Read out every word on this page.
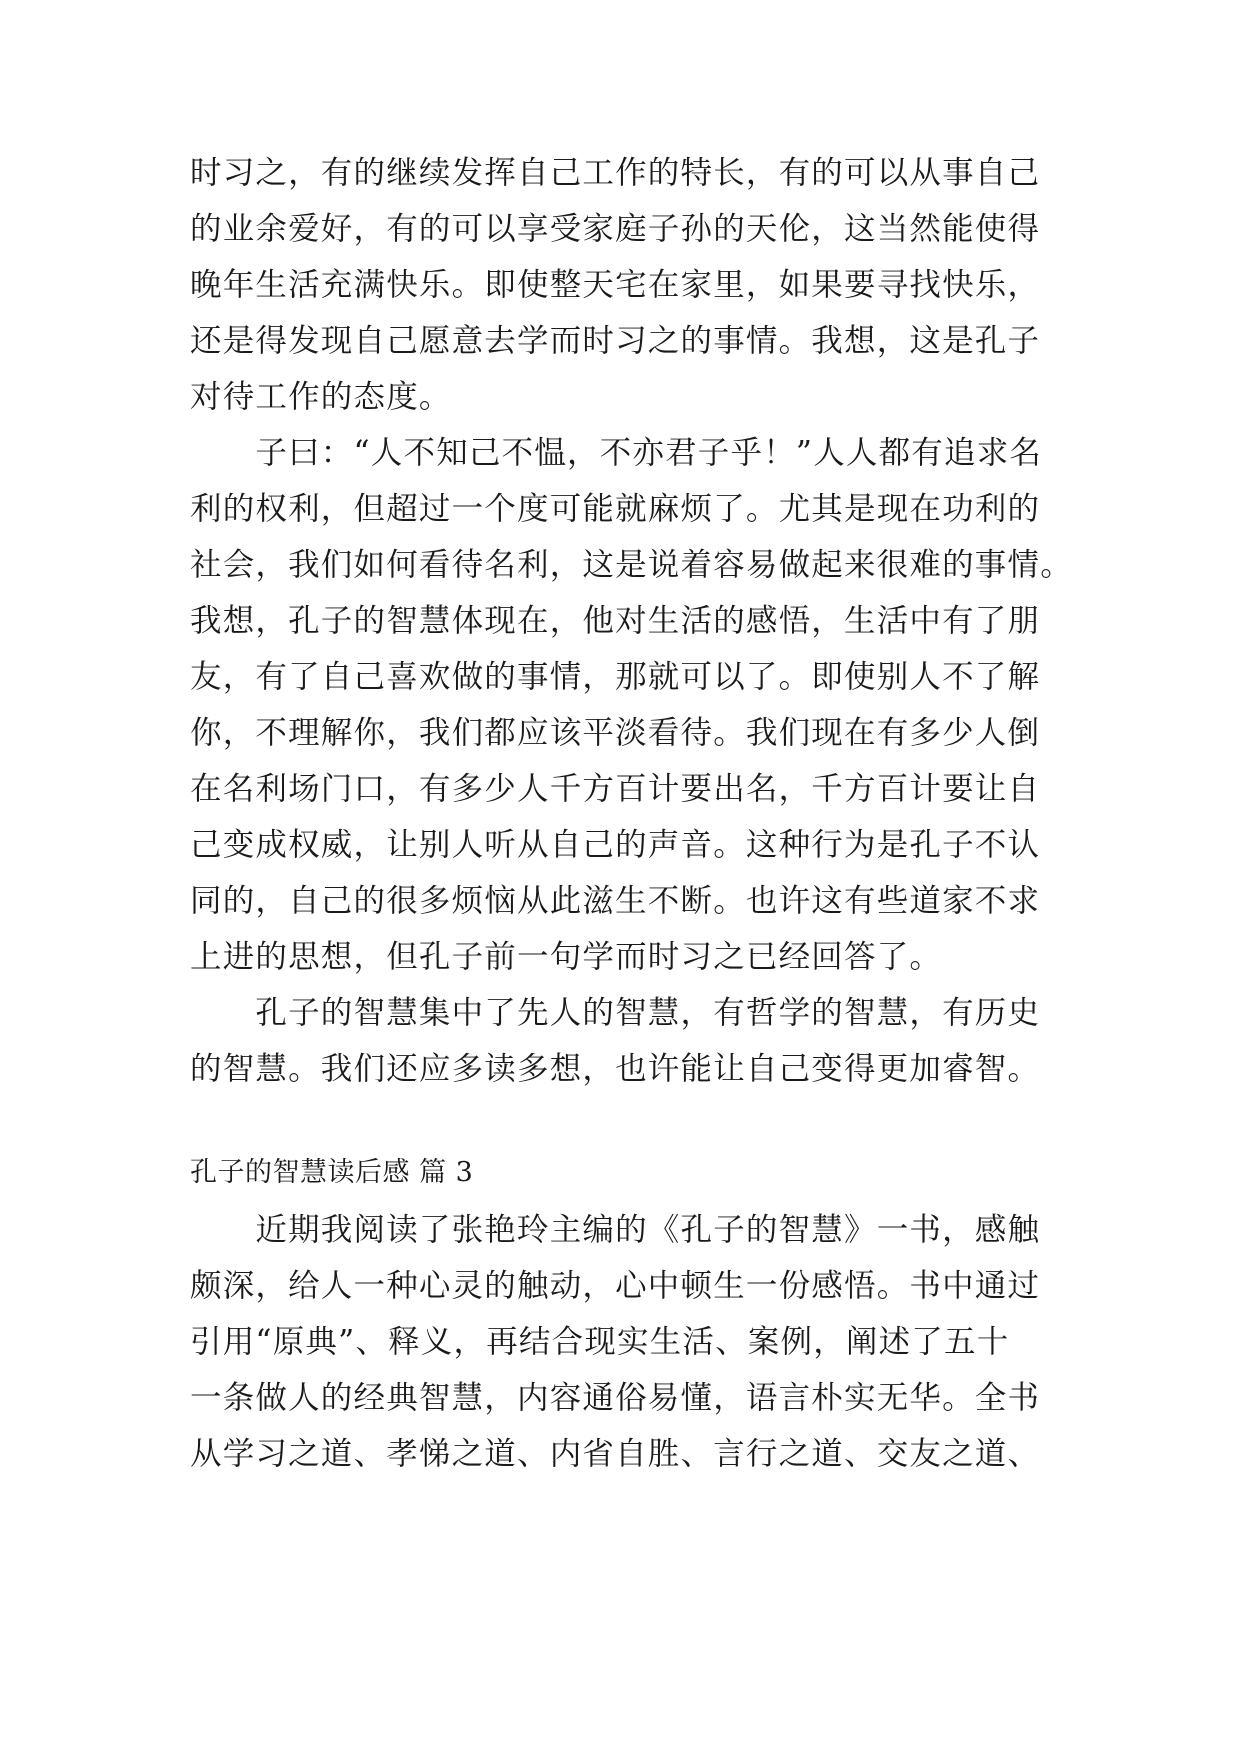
时习之，有的继续发挥自己工作的特长，有的可以从事自己
的业余爱好，有的可以享受家庭子孙的天伦，这当然能使得
晚年生活充满快乐。即使整天宅在家里，如果要寻找快乐，
还是得发现自己愿意去学而时习之的事情。我想，这是孔子
对待工作的态度。
　　子曰：“人不知己不愠，不亦君子乎！”人人都有追求名
利的权利，但超过一个度可能就麻烦了。尤其是现在功利的
社会，我们如何看待名利，这是说着容易做起来很难的事情。
我想，孔子的智慧体现在，他对生活的感悟，生活中有了朋
友，有了自己喜欢做的事情，那就可以了。即使别人不了解
你，不理解你，我们都应该平淡看待。我们现在有多少人倒
在名利场门口，有多少人千方百计要出名，千方百计要让自
己变成权威，让别人听从自己的声音。这种行为是孔子不认
同的，自己的很多烦恼从此滋生不断。也许这有些道家不求
上进的思想，但孔子前一句学而时习之已经回答了。
　　孔子的智慧集中了先人的智慧，有哲学的智慧，有历史
的智慧。我们还应多读多想，也许能让自己变得更加睿智。
孔子的智慧读后感 篇 3
　　近期我阅读了张艳玲主编的《孔子的智慧》一书，感触
颇深，给人一种心灵的触动，心中顿生一份感悟。书中通过
引用“原典”、释义，再结合现实生活、案例，阐述了五十
一条做人的经典智慧，内容通俗易懂，语言朴实无华。全书
从学习之道、孝悌之道、内省自胜、言行之道、交友之道、
